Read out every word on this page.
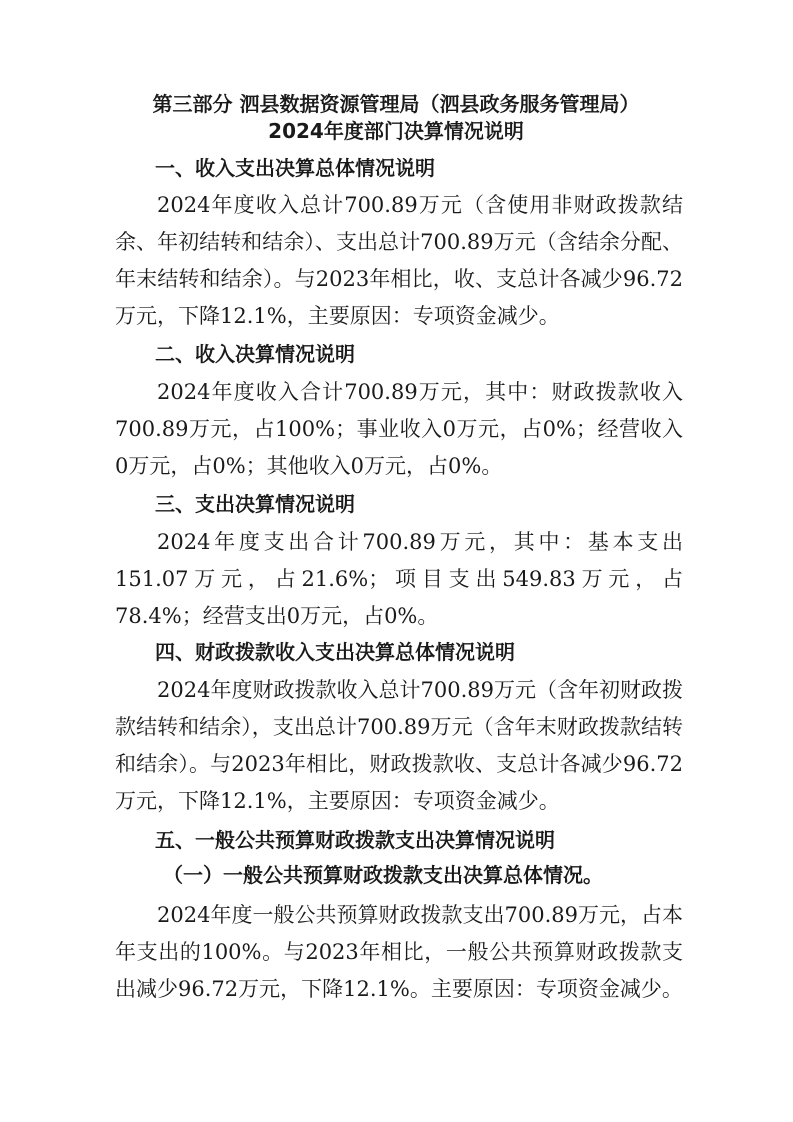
第三部分 泗县数据资源管理局（泗县政务服务管理局）
2024年度部门决算情况说明
一、收入支出决算总体情况说明
2024年度收入总计700.89万元（含使用非财政拨款结余、年初结转和结余）、支出总计700.89万元（含结余分配、年末结转和结余）。与2023年相比，收、支总计各减少96.72万元，下降12.1%，主要原因：专项资金减少。
二、收入决算情况说明
2024年度收入合计700.89万元，其中：财政拨款收入700.89万元，占100%；事业收入0万元，占0%；经营收入0万元，占0%；其他收入0万元，占0%。
三、支出决算情况说明
2024年度支出合计700.89万元，其中：基本支出151.07万元，占21.6%；项目支出549.83万元，占78.4%；经营支出0万元，占0%。
四、财政拨款收入支出决算总体情况说明
2024年度财政拨款收入总计700.89万元（含年初财政拨款结转和结余），支出总计700.89万元（含年末财政拨款结转和结余）。与2023年相比，财政拨款收、支总计各减少96.72万元，下降12.1%，主要原因：专项资金减少。
五、一般公共预算财政拨款支出决算情况说明
（一）一般公共预算财政拨款支出决算总体情况。
2024年度一般公共预算财政拨款支出700.89万元，占本年支出的100%。与2023年相比，一般公共预算财政拨款支出减少96.72万元，下降12.1%。主要原因：专项资金减少。
